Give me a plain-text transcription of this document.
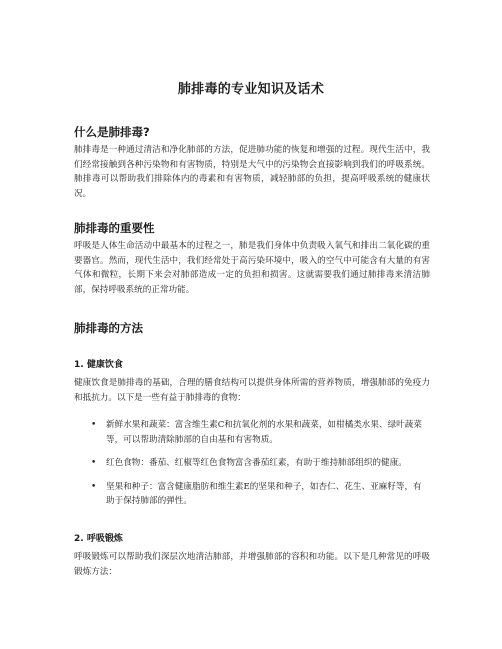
肺排毒的专业知识及话术
什么是肺排毒?
肺排毒是一种通过清洁和净化肺部的方法，促进肺功能的恢复和增强的过程。现代生活中，我们经常接触到各种污染物和有害物质，特别是大气中的污染物会直接影响到我们的呼吸系统。肺排毒可以帮助我们排除体内的毒素和有害物质，减轻肺部的负担，提高呼吸系统的健康状况。
肺排毒的重要性
呼吸是人体生命活动中最基本的过程之一，肺是我们身体中负责吸入氧气和排出二氧化碳的重要器官。然而，现代生活中，我们经常处于高污染环境中，吸入的空气中可能含有大量的有害气体和微粒，长期下来会对肺部造成一定的负担和损害。这就需要我们通过肺排毒来清洁肺部，保持呼吸系统的正常功能。
肺排毒的方法
1. 健康饮食
健康饮食是肺排毒的基础，合理的膳食结构可以提供身体所需的营养物质，增强肺部的免疫力和抵抗力。以下是一些有益于肺排毒的食物：
• 新鲜水果和蔬菜：富含维生素C和抗氧化剂的水果和蔬菜，如柑橘类水果、绿叶蔬菜等，可以帮助清除肺部的自由基和有害物质。
• 红色食物：番茄、红椒等红色食物富含番茄红素，有助于维持肺部组织的健康。
• 坚果和种子：富含健康脂肪和维生素E的坚果和种子，如杏仁、花生、亚麻籽等，有助于保持肺部的弹性。
2. 呼吸锻炼
呼吸锻炼可以帮助我们深层次地清洁肺部，并增强肺部的容积和功能。以下是几种常见的呼吸锻炼方法：
